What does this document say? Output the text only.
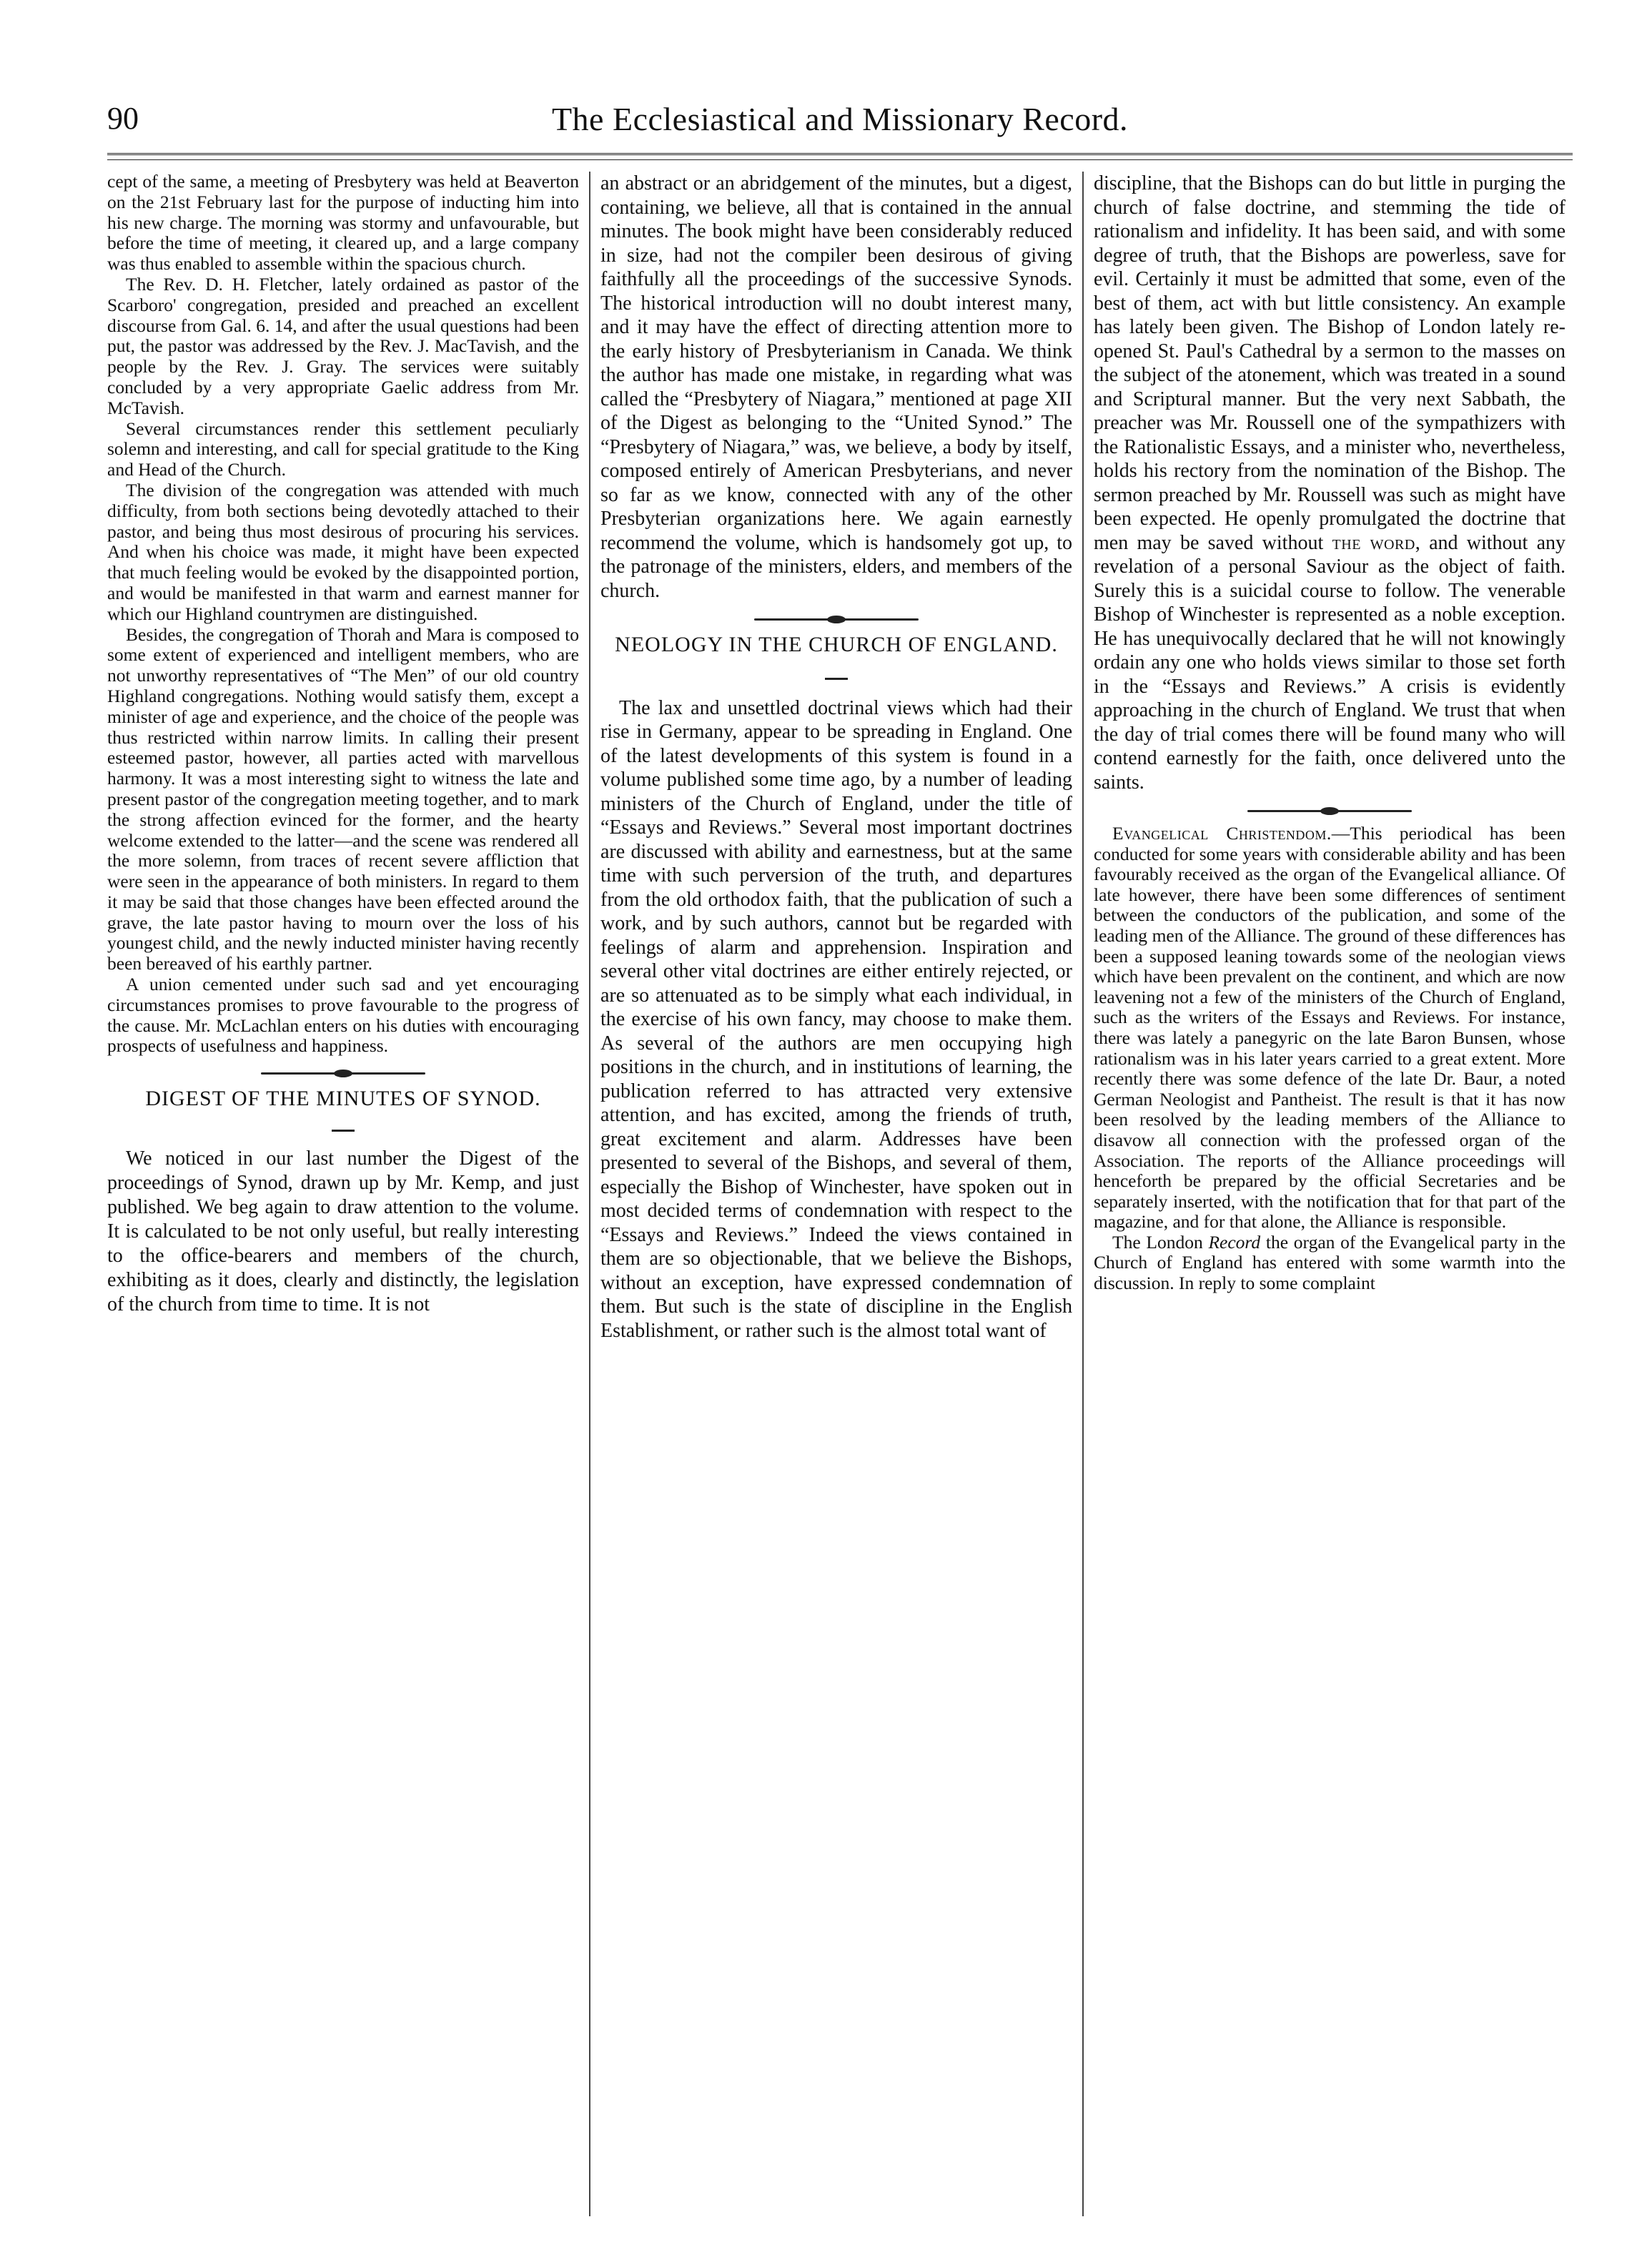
90	The Ecclesiastical and Missionary Record.

cept of the same, a meeting of Presbytery was held at Beaverton on the 21st February last for the purpose of inducting him into his new charge. The morning was stormy and unfavourable, but before the time of meeting, it cleared up, and a large company was thus enabled to assemble within the spacious church.

The Rev. D. H. Fletcher, lately ordained as pastor of the Scarboro' congregation, presided and preached an excellent discourse from Gal. 6. 14, and after the usual questions had been put, the pastor was addressed by the Rev. J. MacTavish, and the people by the Rev. J. Gray. The services were suitably concluded by a very appropriate Gaelic address from Mr. McTavish.

Several circumstances render this settlement peculiarly solemn and interesting, and call for special gratitude to the King and Head of the Church.

The division of the congregation was attended with much difficulty, from both sections being devotedly attached to their pastor, and being thus most desirous of procuring his services. And when his choice was made, it might have been expected that much feeling would be evoked by the disappointed portion, and would be manifested in that warm and earnest manner for which our Highland countrymen are distinguished.

Besides, the congregation of Thorah and Mara is composed to some extent of experienced and intelligent members, who are not unworthy representatives of “The Men” of our old country Highland congregations. Nothing would satisfy them, except a minister of age and experience, and the choice of the people was thus restricted within narrow limits. In calling their present esteemed pastor, however, all parties acted with marvellous harmony. It was a most interesting sight to witness the late and present pastor of the congregation meeting together, and to mark the strong affection evinced for the former, and the hearty welcome extended to the latter—and the scene was rendered all the more solemn, from traces of recent severe affliction that were seen in the appearance of both ministers. In regard to them it may be said that those changes have been effected around the grave, the late pastor having to mourn over the loss of his youngest child, and the newly inducted minister having recently been bereaved of his earthly partner.

A union cemented under such sad and yet encouraging circumstances promises to prove favourable to the progress of the cause. Mr. McLachlan enters on his duties with encouraging prospects of usefulness and happiness.

DIGEST OF THE MINUTES OF SYNOD.

We noticed in our last number the Digest of the proceedings of Synod, drawn up by Mr. Kemp, and just published. We beg again to draw attention to the volume. It is calculated to be not only useful, but really interesting to the office-bearers and members of the church, exhibiting as it does, clearly and distinctly, the legislation of the church from time to time. It is not

an abstract or an abridgement of the minutes, but a digest, containing, we believe, all that is contained in the annual minutes. The book might have been considerably reduced in size, had not the compiler been desirous of giving faithfully all the proceedings of the successive Synods. The historical introduction will no doubt interest many, and it may have the effect of directing attention more to the early history of Presbyterianism in Canada. We think the author has made one mistake, in regarding what was called the “Presbytery of Niagara,” mentioned at page XII of the Digest as belonging to the “United Synod.” The “Presbytery of Niagara,” was, we believe, a body by itself, composed entirely of American Presbyterians, and never so far as we know, connected with any of the other Presbyterian organizations here. We again earnestly recommend the volume, which is handsomely got up, to the patronage of the ministers, elders, and members of the church.

NEOLOGY IN THE CHURCH OF ENGLAND.

The lax and unsettled doctrinal views which had their rise in Germany, appear to be spreading in England. One of the latest developments of this system is found in a volume published some time ago, by a number of leading ministers of the Church of England, under the title of “Essays and Reviews.” Several most important doctrines are discussed with ability and earnestness, but at the same time with such perversion of the truth, and departures from the old orthodox faith, that the publication of such a work, and by such authors, cannot but be regarded with feelings of alarm and apprehension. Inspiration and several other vital doctrines are either entirely rejected, or are so attenuated as to be simply what each individual, in the exercise of his own fancy, may choose to make them. As several of the authors are men occupying high positions in the church, and in institutions of learning, the publication referred to has attracted very extensive attention, and has excited, among the friends of truth, great excitement and alarm. Addresses have been presented to several of the Bishops, and several of them, especially the Bishop of Winchester, have spoken out in most decided terms of condemnation with respect to the “Essays and Reviews.” Indeed the views contained in them are so objectionable, that we believe the Bishops, without an exception, have expressed condemnation of them. But such is the state of discipline in the English Establishment, or rather such is the almost total want of

discipline, that the Bishops can do but little in purging the church of false doctrine, and stemming the tide of rationalism and infidelity. It has been said, and with some degree of truth, that the Bishops are powerless, save for evil. Certainly it must be admitted that some, even of the best of them, act with but little consistency. An example has lately been given. The Bishop of London lately re-opened St. Paul's Cathedral by a sermon to the masses on the subject of the atonement, which was treated in a sound and Scriptural manner. But the very next Sabbath, the preacher was Mr. Roussell one of the sympathizers with the Rationalistic Essays, and a minister who, nevertheless, holds his rectory from the nomination of the Bishop. The sermon preached by Mr. Roussell was such as might have been expected. He openly promulgated the doctrine that men may be saved without the word, and without any revelation of a personal Saviour as the object of faith. Surely this is a suicidal course to follow. The venerable Bishop of Winchester is represented as a noble exception. He has unequivocally declared that he will not knowingly ordain any one who holds views similar to those set forth in the “Essays and Reviews.” A crisis is evidently approaching in the church of England. We trust that when the day of trial comes there will be found many who will contend earnestly for the faith, once delivered unto the saints.

Evangelical Christendom.—This periodical has been conducted for some years with considerable ability and has been favourably received as the organ of the Evangelical alliance. Of late however, there have been some differences of sentiment between the conductors of the publication, and some of the leading men of the Alliance. The ground of these differences has been a supposed leaning towards some of the neologian views which have been prevalent on the continent, and which are now leavening not a few of the ministers of the Church of England, such as the writers of the Essays and Reviews. For instance, there was lately a panegyric on the late Baron Bunsen, whose rationalism was in his later years carried to a great extent. More recently there was some defence of the late Dr. Baur, a noted German Neologist and Pantheist. The result is that it has now been resolved by the leading members of the Alliance to disavow all connection with the professed organ of the Association. The reports of the Alliance proceedings will henceforth be prepared by the official Secretaries and be separately inserted, with the notification that for that part of the magazine, and for that alone, the Alliance is responsible.

The London Record the organ of the Evangelical party in the Church of England has entered with some warmth into the discussion. In reply to some complaint
